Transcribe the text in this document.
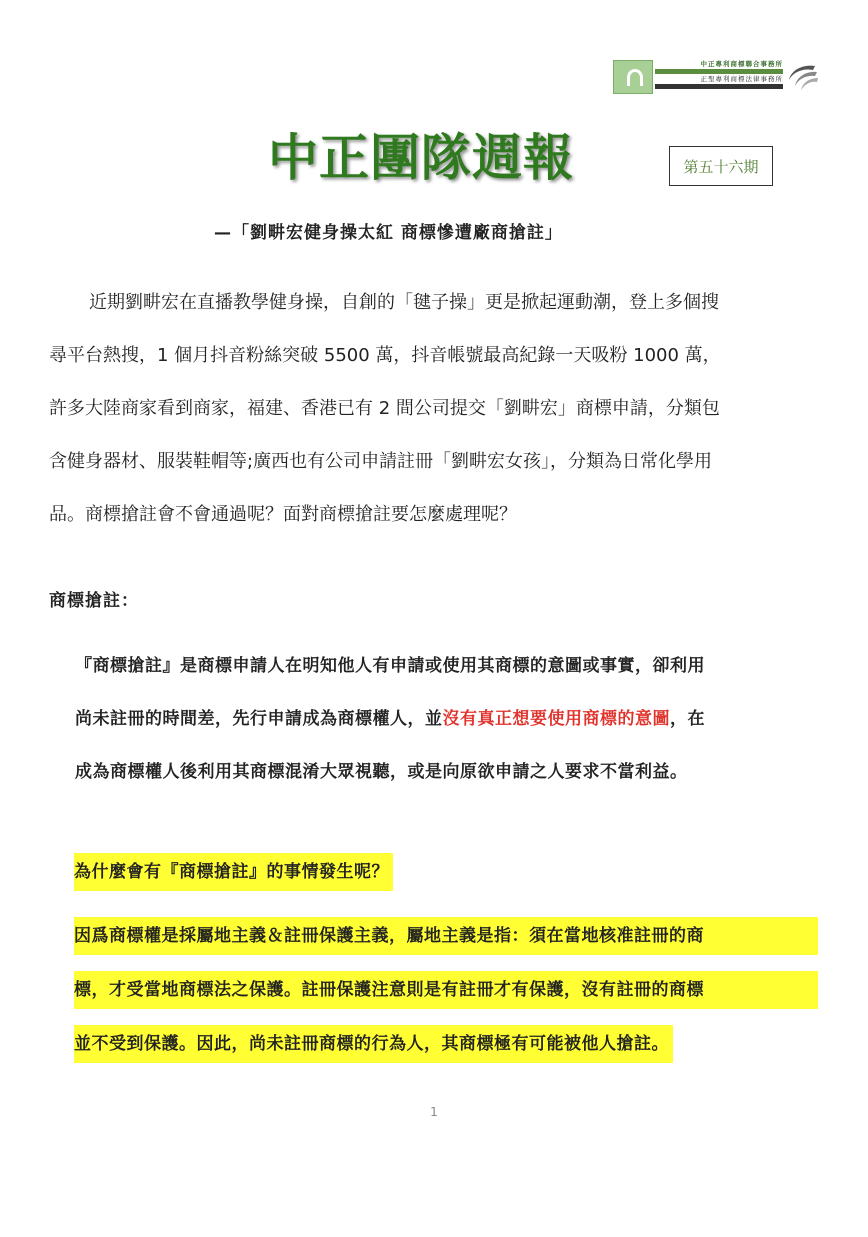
中正專利商標聯合事務所
正聖專利商標法律事務所
中正團隊週報	第五十六期
—「劉畊宏健身操太紅 商標慘遭廠商搶註」
近期劉畊宏在直播教學健身操，自創的「毽子操」更是掀起運動潮，登上多個搜
尋平台熱搜，1 個月抖音粉絲突破 5500 萬，抖音帳號最高紀錄一天吸粉 1000 萬，
許多大陸商家看到商家，福建、香港已有 2 間公司提交「劉畊宏」商標申請，分類包
含健身器材、服裝鞋帽等;廣西也有公司申請註冊「劉畊宏女孩」，分類為日常化學用
品。商標搶註會不會通過呢？面對商標搶註要怎麼處理呢？
商標搶註：
『商標搶註』是商標申請人在明知他人有申請或使用其商標的意圖或事實，卻利用
尚未註冊的時間差，先行申請成為商標權人，並沒有真正想要使用商標的意圖，在
成為商標權人後利用其商標混淆大眾視聽，或是向原欲申請之人要求不當利益。
為什麼會有『商標搶註』的事情發生呢？
因爲商標權是採屬地主義＆註冊保護主義，屬地主義是指：須在當地核准註冊的商
標，才受當地商標法之保護。註冊保護注意則是有註冊才有保護，沒有註冊的商標
並不受到保護。因此，尚未註冊商標的行為人，其商標極有可能被他人搶註。
1
